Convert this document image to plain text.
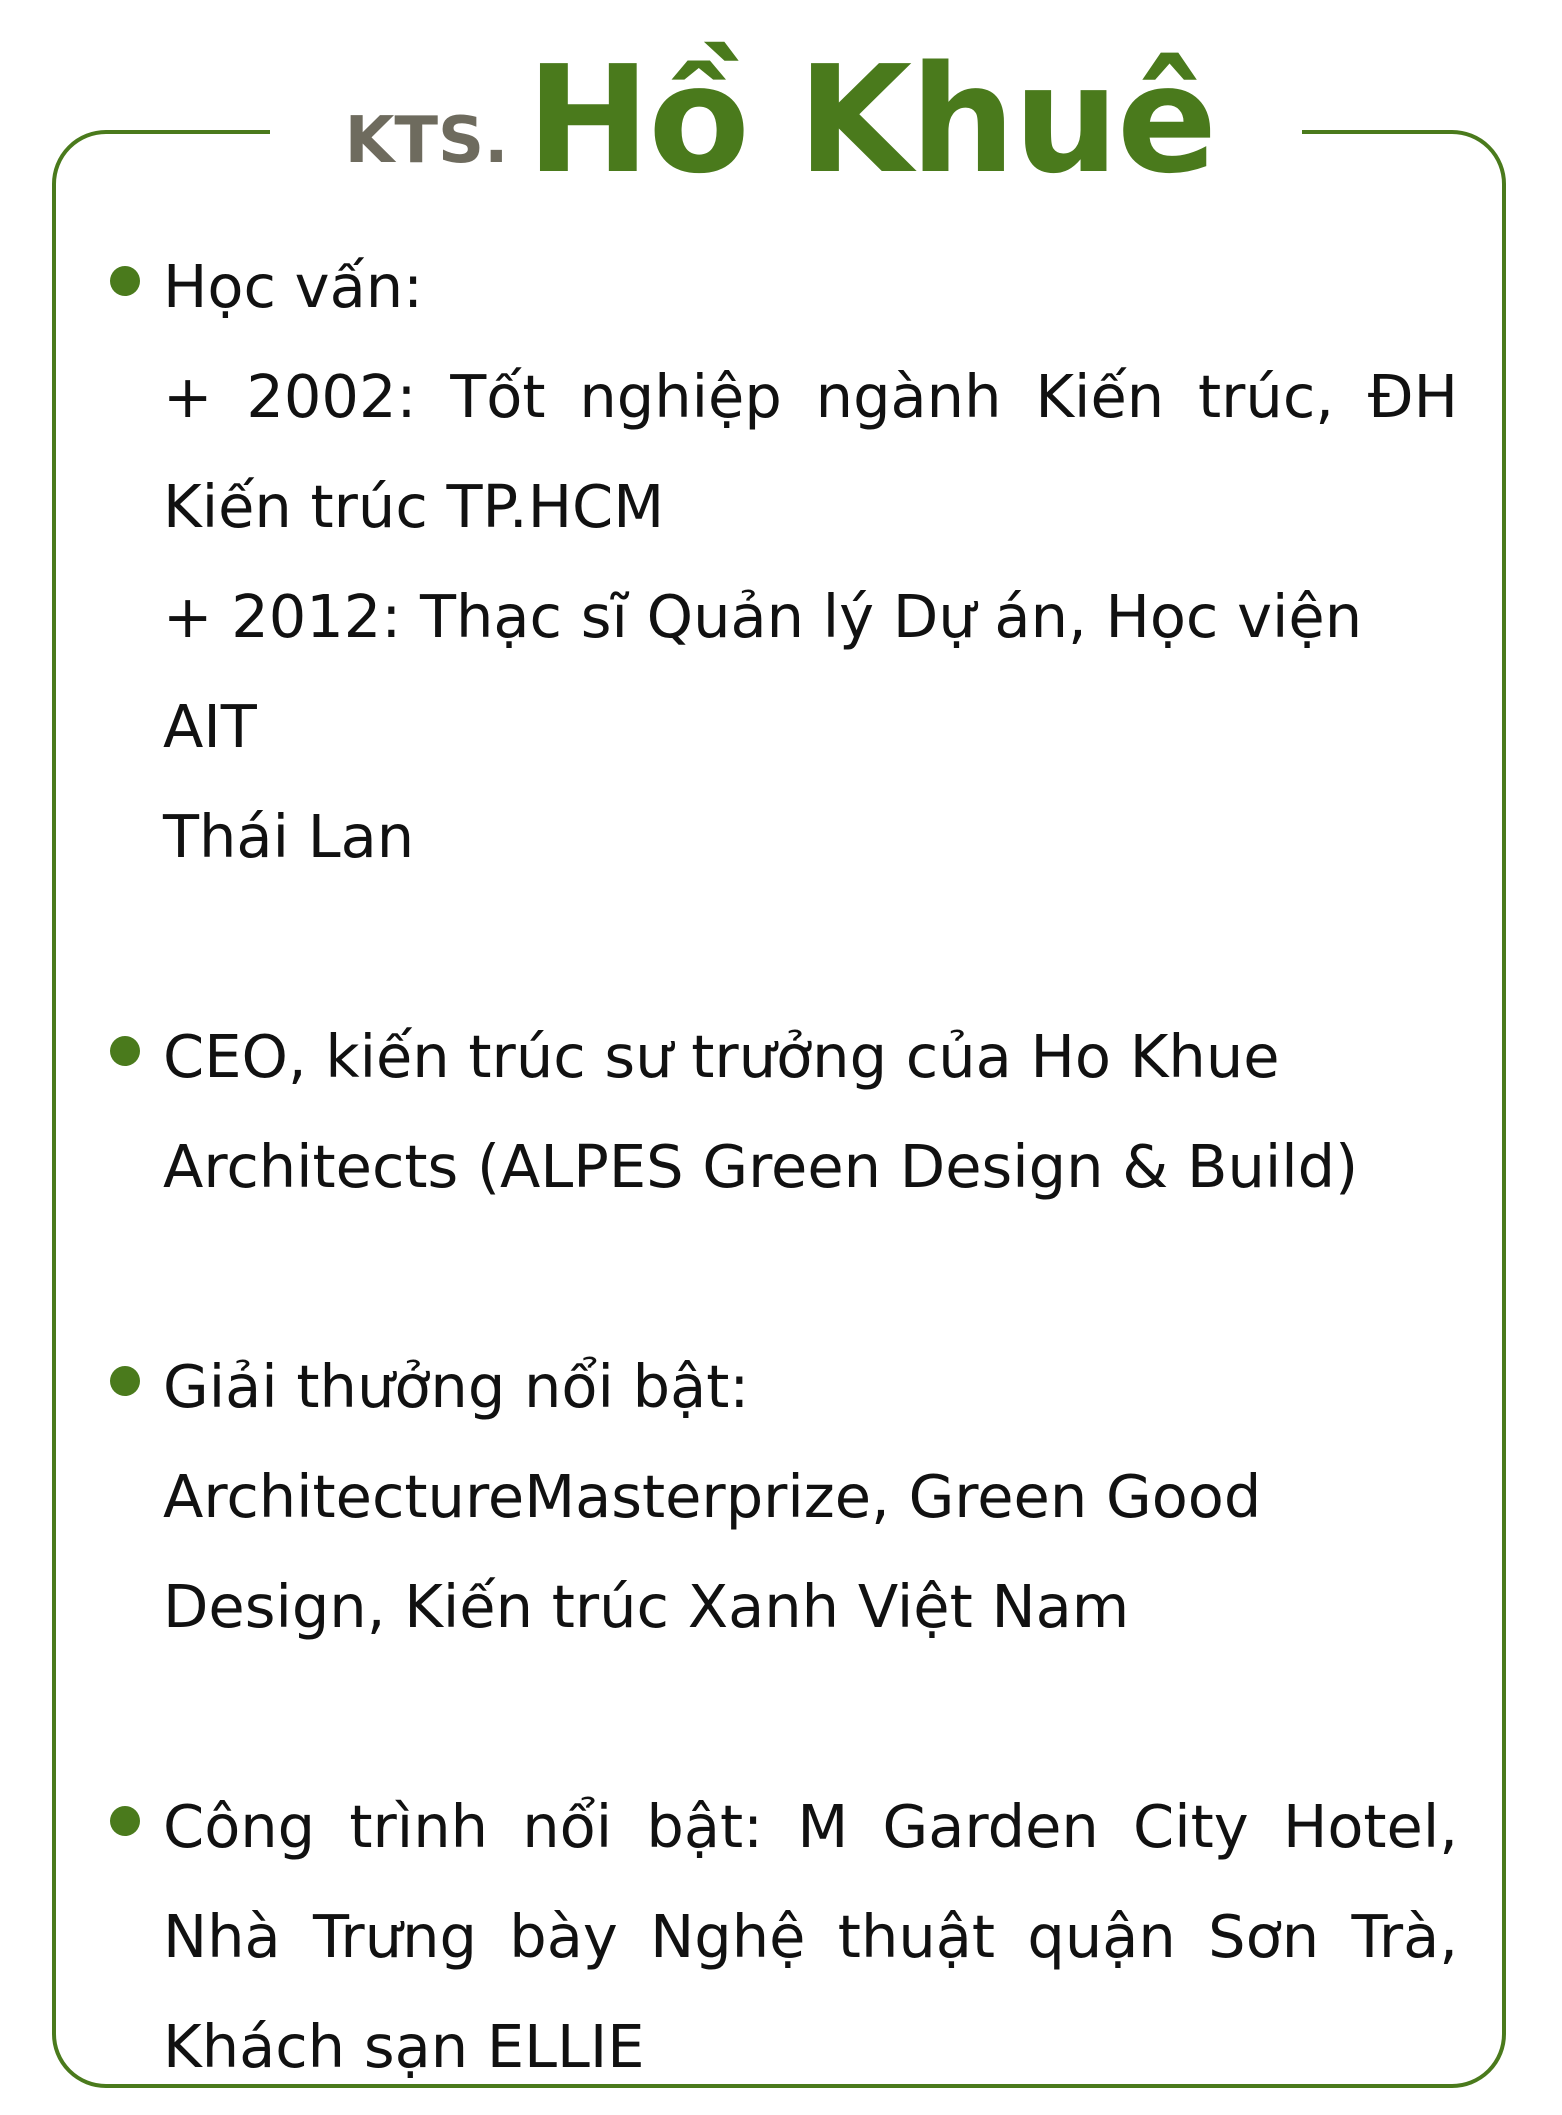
KTS. Hồ Khuê

Học vấn:

+ 2002: Tốt nghiệp ngành Kiến trúc, ĐH

Kiến trúc TP.HCM

+ 2012: Thạc sĩ Quản lý Dự án, Học viện AIT

Thái Lan

CEO, kiến trúc sư trưởng của Ho Khue

Architects (ALPES Green Design & Build)

Giải thưởng nổi bật:

ArchitectureMasterprize, Green Good

Design, Kiến trúc Xanh Việt Nam

Công trình nổi bật: M Garden City Hotel,

Nhà Trưng bày Nghệ thuật quận Sơn Trà,

Khách sạn ELLIE
